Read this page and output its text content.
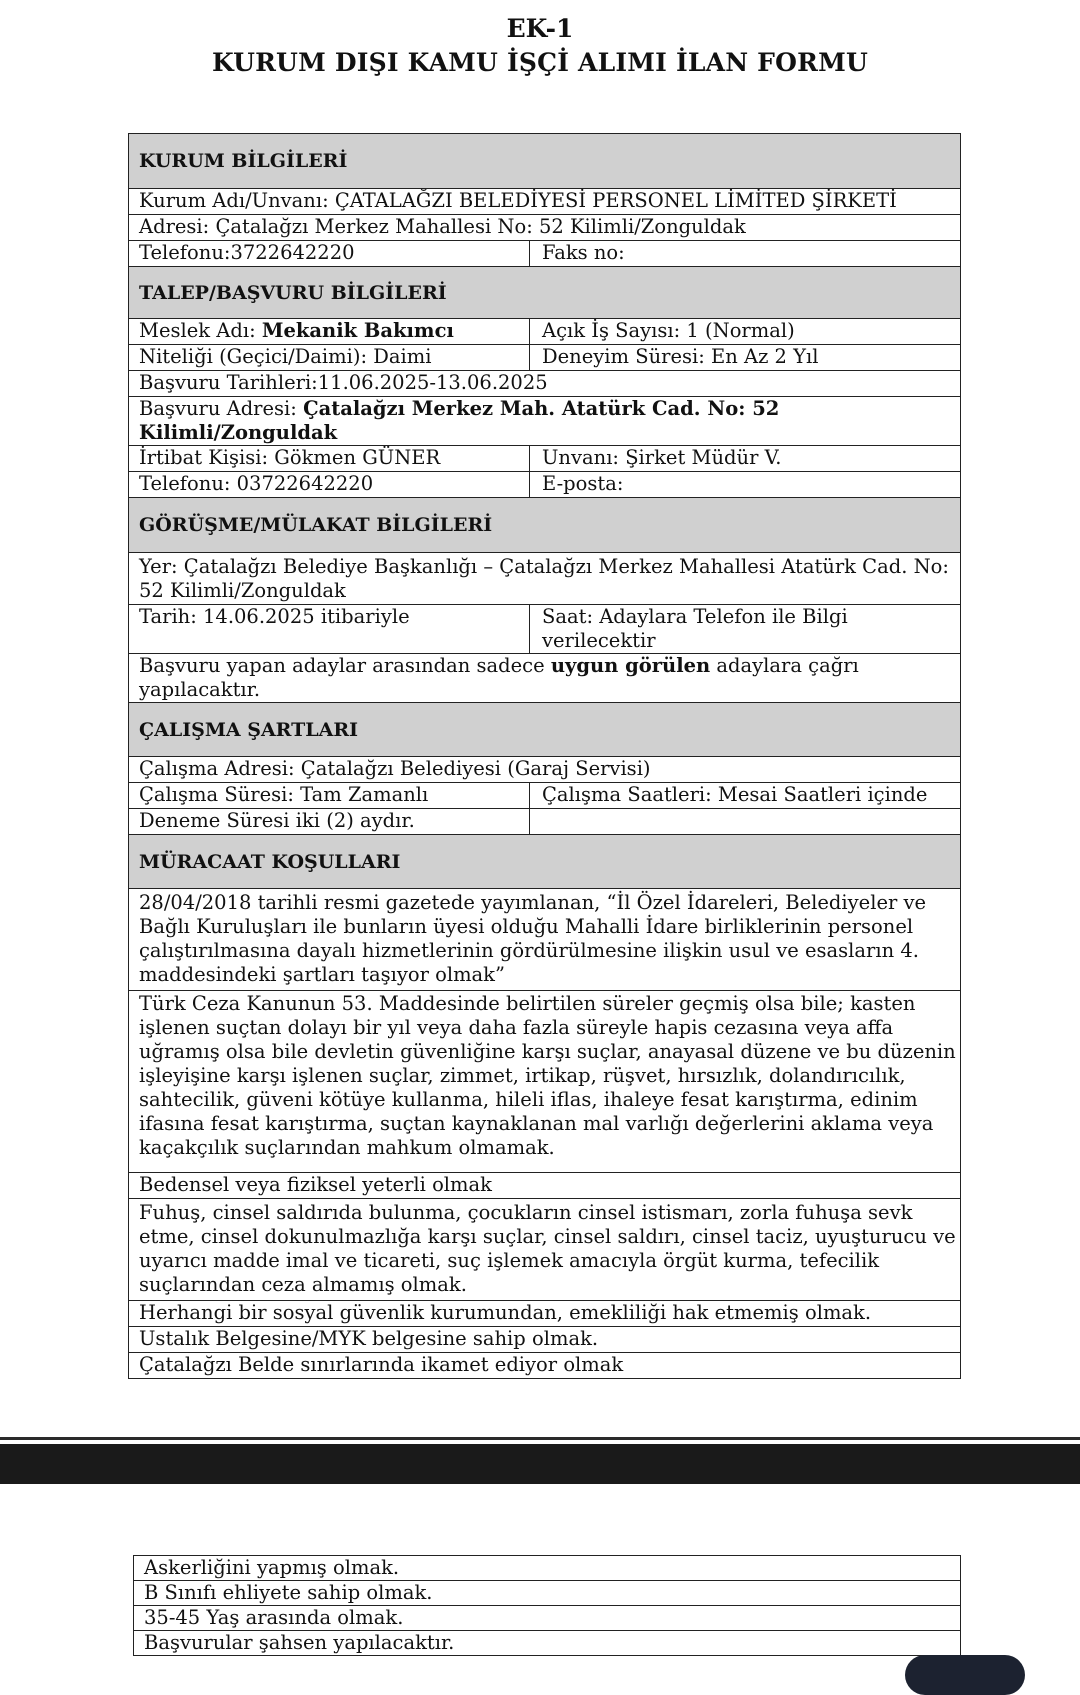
EK-1
KURUM DIŞI KAMU İŞÇİ ALIMI İLAN FORMU
KURUM BİLGİLERİ	
Kurum Adı/Unvanı: ÇATALAĞZI BELEDİYESİ PERSONEL LİMİTED ŞİRKETİ	
Adresi: Çatalağzı Merkez Mahallesi No: 52 Kilimli/Zonguldak	
Telefonu:3722642220	Faks no:
TALEP/BAŞVURU BİLGİLERİ	
Meslek Adı: Mekanik Bakımcı	Açık İş Sayısı: 1 (Normal)
Niteliği (Geçici/Daimi): Daimi	Deneyim Süresi: En Az 2 Yıl
Başvuru Tarihleri:11.06.2025-13.06.2025	
Başvuru Adresi: Çatalağzı Merkez Mah. Atatürk Cad. No: 52 Kilimli/Zonguldak	
İrtibat Kişisi: Gökmen GÜNER	Unvanı: Şirket Müdür V.
Telefonu: 03722642220	E-posta:
GÖRÜŞME/MÜLAKAT BİLGİLERİ	
Yer: Çatalağzı Belediye Başkanlığı – Çatalağzı Merkez Mahallesi Atatürk Cad. No: 52 Kilimli/Zonguldak	
Tarih: 14.06.2025 itibariyle	Saat: Adaylara Telefon ile Bilgi verilecektir
Başvuru yapan adaylar arasından sadece uygun görülen adaylara çağrı yapılacaktır.	
ÇALIŞMA ŞARTLARI	
Çalışma Adresi: Çatalağzı Belediyesi (Garaj Servisi)	
Çalışma Süresi: Tam Zamanlı	Çalışma Saatleri: Mesai Saatleri içinde
Deneme Süresi iki (2) aydır.	
MÜRACAAT KOŞULLARI	
28/04/2018 tarihli resmi gazetede yayımlanan, “İl Özel İdareleri, Belediyeler ve Bağlı Kuruluşları ile bunların üyesi olduğu Mahalli İdare birliklerinin personel çalıştırılmasına dayalı hizmetlerinin gördürülmesine ilişkin usul ve esasların 4. maddesindeki şartları taşıyor olmak”	
Türk Ceza Kanunun 53. Maddesinde belirtilen süreler geçmiş olsa bile; kasten işlenen suçtan dolayı bir yıl veya daha fazla süreyle hapis cezasına veya affa uğramış olsa bile devletin güvenliğine karşı suçlar, anayasal düzene ve bu düzenin işleyişine karşı işlenen suçlar, zimmet, irtikap, rüşvet, hırsızlık, dolandırıcılık, sahtecilik, güveni kötüye kullanma, hileli iflas, ihaleye fesat karıştırma, edinim ifasına fesat karıştırma, suçtan kaynaklanan mal varlığı değerlerini aklama veya kaçakçılık suçlarından mahkum olmamak.	
Bedensel veya fiziksel yeterli olmak	
Fuhuş, cinsel saldırıda bulunma, çocukların cinsel istismarı, zorla fuhuşa sevk etme, cinsel dokunulmazlığa karşı suçlar, cinsel saldırı, cinsel taciz, uyuşturucu ve uyarıcı madde imal ve ticareti, suç işlemek amacıyla örgüt kurma, tefecilik suçlarından ceza almamış olmak.	
Herhangi bir sosyal güvenlik kurumundan, emekliliği hak etmemiş olmak.	
Ustalık Belgesine/MYK belgesine sahip olmak.	
Çatalağzı Belde sınırlarında ikamet ediyor olmak	
Askerliğini yapmış olmak.
B Sınıfı ehliyete sahip olmak.
35-45 Yaş arasında olmak.
Başvurular şahsen yapılacaktır.
